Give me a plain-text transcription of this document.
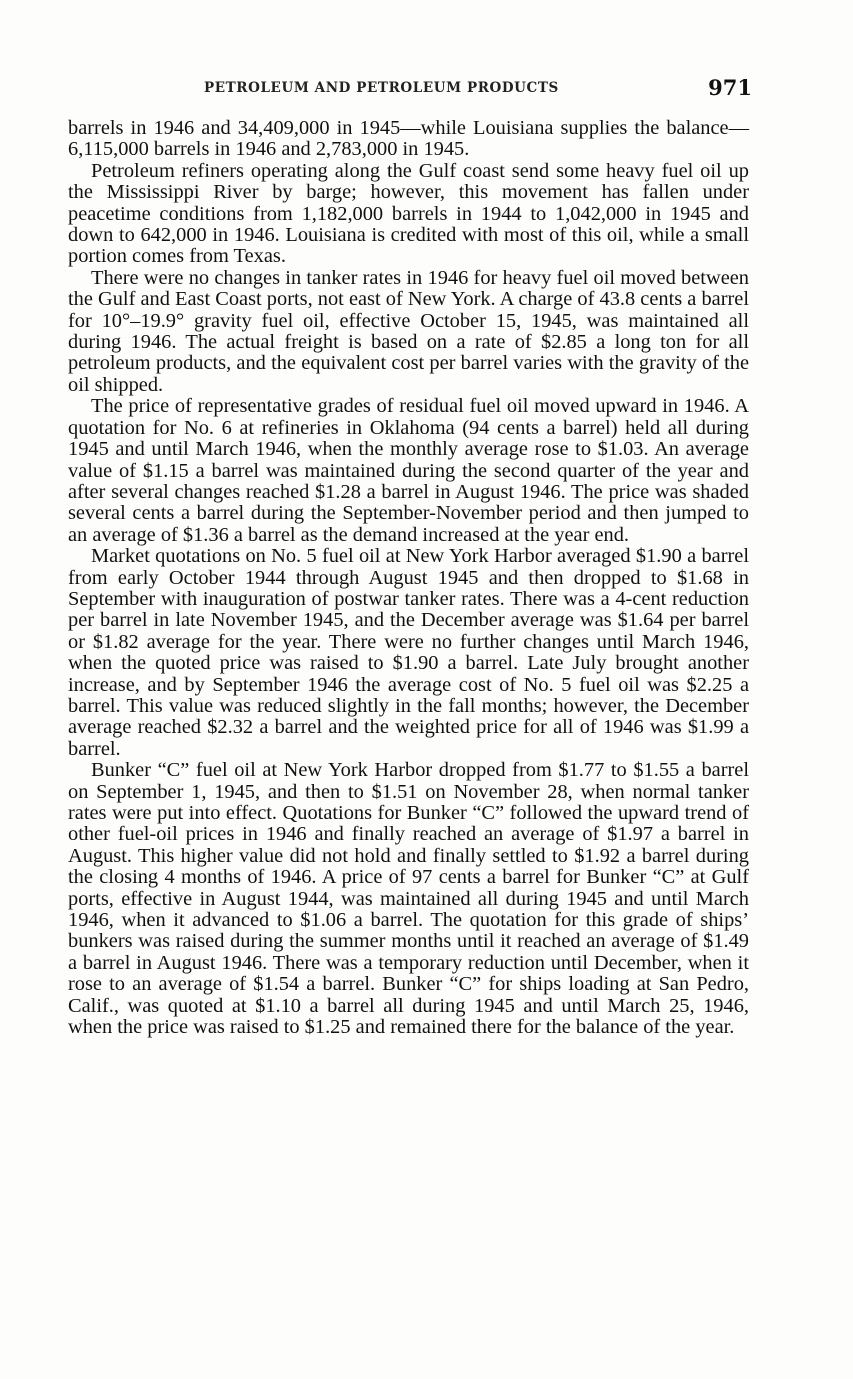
PETROLEUM AND PETROLEUM PRODUCTS	971

barrels in 1946 and 34,409,000 in 1945—while Louisiana supplies the balance—6,115,000 barrels in 1946 and 2,783,000 in 1945.

Petroleum refiners operating along the Gulf coast send some heavy fuel oil up the Mississippi River by barge; however, this movement has fallen under peacetime conditions from 1,182,000 barrels in 1944 to 1,042,000 in 1945 and down to 642,000 in 1946. Louisiana is credited with most of this oil, while a small portion comes from Texas.

There were no changes in tanker rates in 1946 for heavy fuel oil moved between the Gulf and East Coast ports, not east of New York. A charge of 43.8 cents a barrel for 10°–19.9° gravity fuel oil, effective October 15, 1945, was maintained all during 1946. The actual freight is based on a rate of $2.85 a long ton for all petroleum products, and the equivalent cost per barrel varies with the gravity of the oil shipped.

The price of representative grades of residual fuel oil moved upward in 1946. A quotation for No. 6 at refineries in Oklahoma (94 cents a barrel) held all during 1945 and until March 1946, when the monthly average rose to $1.03. An average value of $1.15 a barrel was maintained during the second quarter of the year and after several changes reached $1.28 a barrel in August 1946. The price was shaded several cents a barrel during the September-November period and then jumped to an average of $1.36 a barrel as the demand increased at the year end.

Market quotations on No. 5 fuel oil at New York Harbor averaged $1.90 a barrel from early October 1944 through August 1945 and then dropped to $1.68 in September with inauguration of postwar tanker rates. There was a 4-cent reduction per barrel in late November 1945, and the December average was $1.64 per barrel or $1.82 average for the year. There were no further changes until March 1946, when the quoted price was raised to $1.90 a barrel. Late July brought another increase, and by September 1946 the average cost of No. 5 fuel oil was $2.25 a barrel. This value was reduced slightly in the fall months; however, the December average reached $2.32 a barrel and the weighted price for all of 1946 was $1.99 a barrel.

Bunker “C” fuel oil at New York Harbor dropped from $1.77 to $1.55 a barrel on September 1, 1945, and then to $1.51 on November 28, when normal tanker rates were put into effect. Quotations for Bunker “C” followed the upward trend of other fuel-oil prices in 1946 and finally reached an average of $1.97 a barrel in August. This higher value did not hold and finally settled to $1.92 a barrel during the closing 4 months of 1946. A price of 97 cents a barrel for Bunker “C” at Gulf ports, effective in August 1944, was maintained all during 1945 and until March 1946, when it advanced to $1.06 a barrel. The quotation for this grade of ships’ bunkers was raised during the summer months until it reached an average of $1.49 a barrel in August 1946. There was a temporary reduction until December, when it rose to an average of $1.54 a barrel. Bunker “C” for ships loading at San Pedro, Calif., was quoted at $1.10 a barrel all during 1945 and until March 25, 1946, when the price was raised to $1.25 and remained there for the balance of the year.
